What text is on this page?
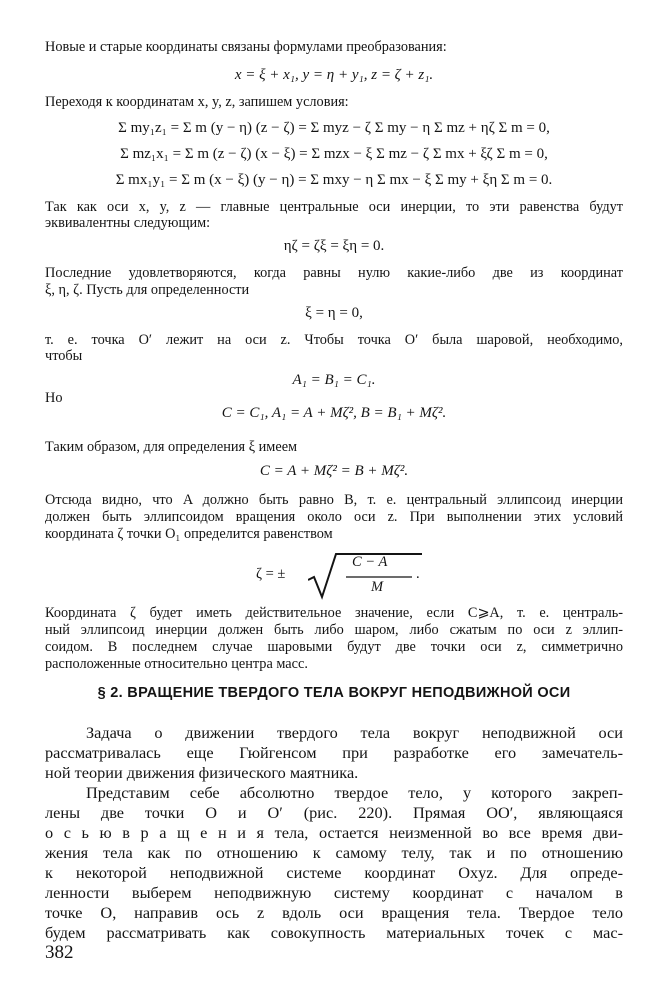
Новые и старые координаты связаны формулами преобразования:
x = ξ + x₁, y = η + y₁, z = ζ + z₁.
Переходя к координатам x, y, z, запишем условия:
Σ my₁z₁ = Σ m (y − η) (z − ζ) = Σ myz − ζ Σ my − η Σ mz + ηζ Σ m = 0,
Σ mz₁x₁ = Σ m (z − ζ) (x − ξ) = Σ mzx − ξ Σ mz − ζ Σ mx + ξζ Σ m = 0,
Σ mx₁y₁ = Σ m (x − ξ) (y − η) = Σ mxy − η Σ mx − ξ Σ my + ξη Σ m = 0.
Так как оси x, y, z — главные центральные оси инерции, то эти равенства будут
эквивалентны следующим:
ηζ = ζξ = ξη = 0.
Последние удовлетворяются, когда равны нулю какие-либо две из координат
ξ, η, ζ. Пусть для определенности
ξ = η = 0,
т. е. точка O′ лежит на оси z. Чтобы точка O′ была шаровой, необходимо,
чтобы
A₁ = B₁ = C₁.
Но
C = C₁, A₁ = A + Mζ², B = B₁ + Mζ².
Таким образом, для определения ξ имеем
C = A + Mζ² = B + Mζ².
Отсюда видно, что A должно быть равно B, т. е. центральный эллипсоид инерции
должен быть эллипсоидом вращения около оси z. При выполнении этих условий
координата ζ точки O₁ определится равенством
ζ = ±
C − A
M
.
Координата ζ будет иметь действительное значение, если C⩾A, т. е. централь-
ный эллипсоид инерции должен быть либо шаром, либо сжатым по оси z эллип-
соидом. В последнем случае шаровыми будут две точки оси z, симметрично
расположенные относительно центра масс.
§ 2. ВРАЩЕНИЕ ТВЕРДОГО ТЕЛА ВОКРУГ НЕПОДВИЖНОЙ ОСИ
Задача о движении твердого тела вокруг неподвижной оси
рассматривалась еще Гюйгенсом при разработке его замечатель-
ной теории движения физического маятника.
Представим себе абсолютно твердое тело, у которого закреп-
лены две точки O и O′ (рис. 220). Прямая OO′, являющаяся
о с ь ю в р а щ е н и я тела, остается неизменной во все время дви-
жения тела как по отношению к самому телу, так и по отношению
к некоторой неподвижной системе координат Oxyz. Для опреде-
ленности выберем неподвижную систему координат с началом в
точке O, направив ось z вдоль оси вращения тела. Твердое тело
будем рассматривать как совокупность материальных точек с мас-
382
